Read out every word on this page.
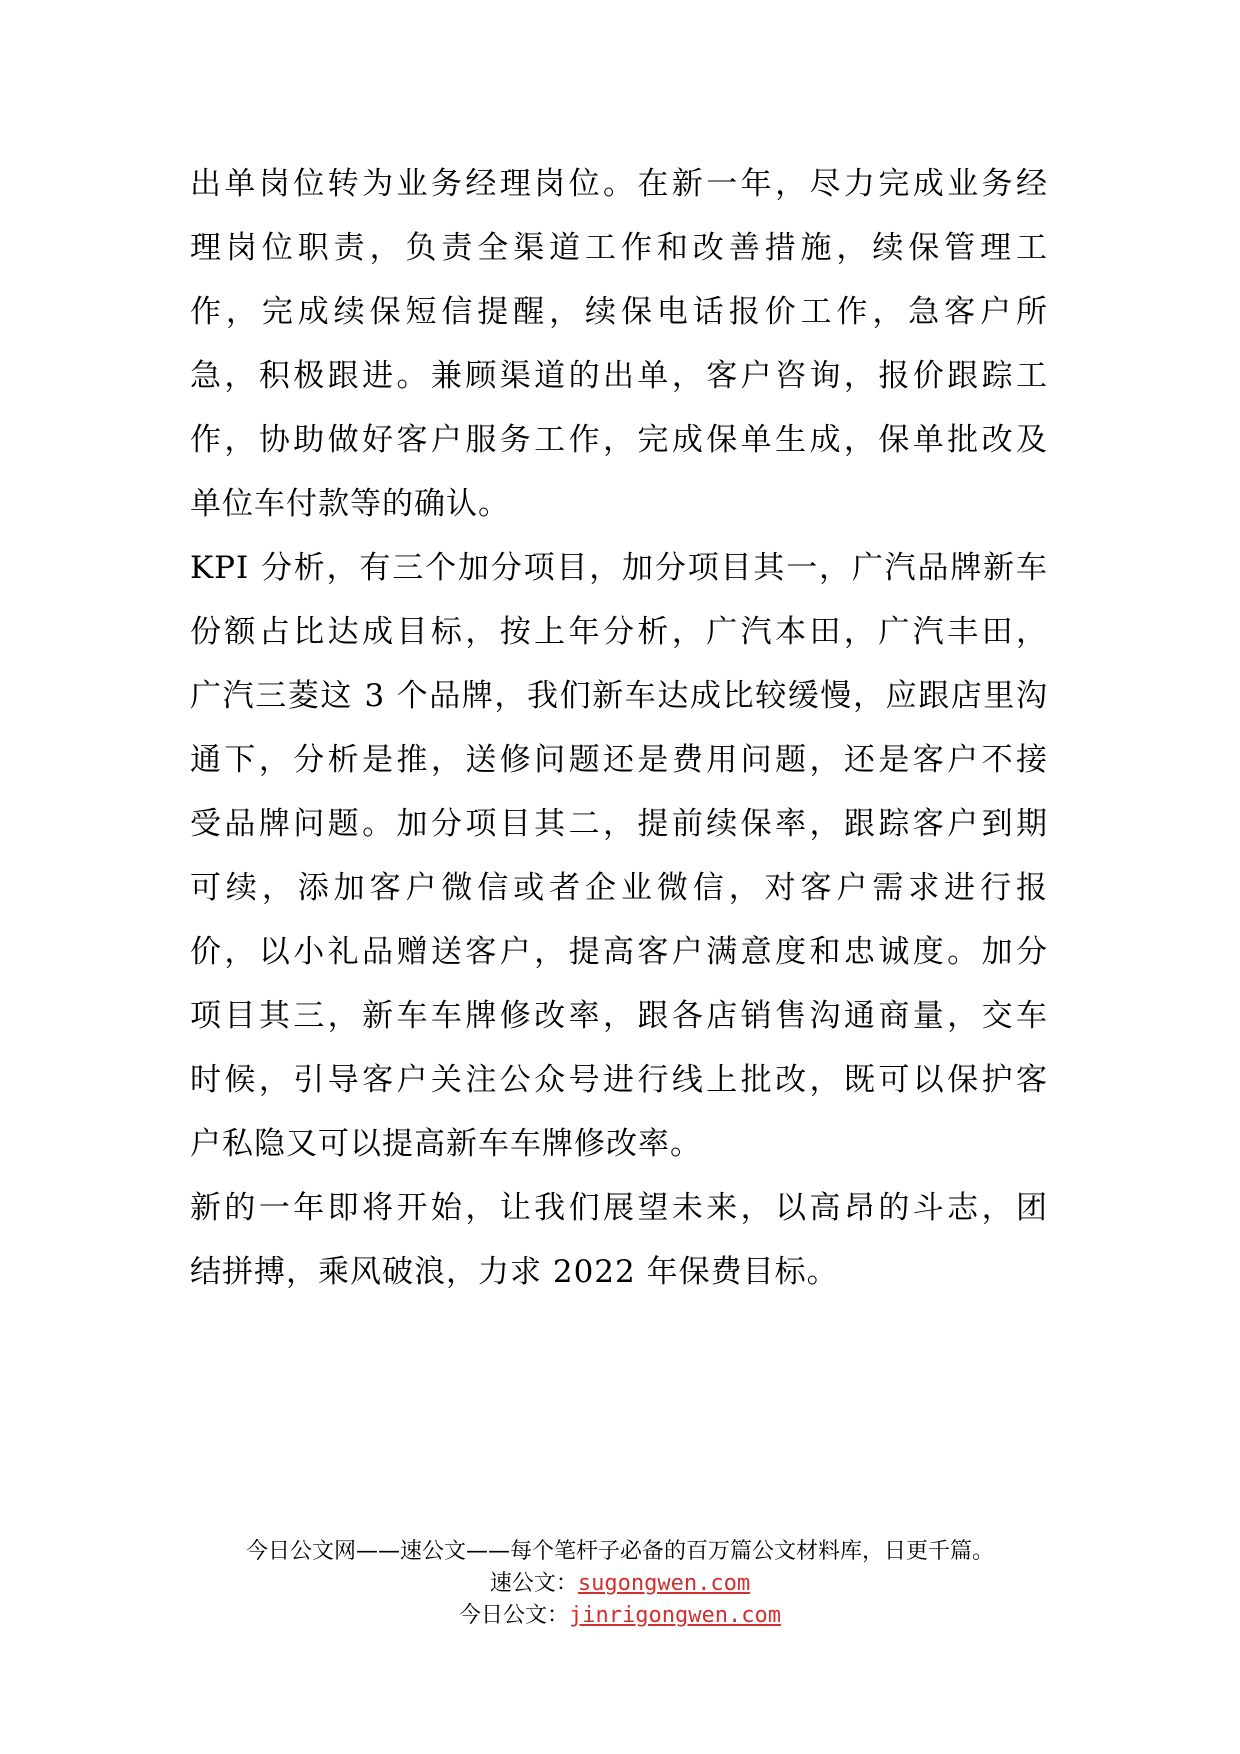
出单岗位转为业务经理岗位。在新一年，尽力完成业务经
理岗位职责，负责全渠道工作和改善措施，续保管理工
作，完成续保短信提醒，续保电话报价工作，急客户所
急，积极跟进。兼顾渠道的出单，客户咨询，报价跟踪工
作，协助做好客户服务工作，完成保单生成，保单批改及
单位车付款等的确认。
KPI 分析，有三个加分项目，加分项目其一，广汽品牌新车
份额占比达成目标，按上年分析，广汽本田，广汽丰田，
广汽三菱这 3 个品牌，我们新车达成比较缓慢，应跟店里沟
通下，分析是推，送修问题还是费用问题，还是客户不接
受品牌问题。加分项目其二，提前续保率，跟踪客户到期
可续，添加客户微信或者企业微信，对客户需求进行报
价，以小礼品赠送客户，提高客户满意度和忠诚度。加分
项目其三，新车车牌修改率，跟各店销售沟通商量，交车
时候，引导客户关注公众号进行线上批改，既可以保护客
户私隐又可以提高新车车牌修改率。
新的一年即将开始，让我们展望未来，以高昂的斗志，团
结拼搏，乘风破浪，力求 2022 年保费目标。
今日公文网——速公文——每个笔杆子必备的百万篇公文材料库，日更千篇。
速公文：sugongwen.com
今日公文：jinrigongwen.com
